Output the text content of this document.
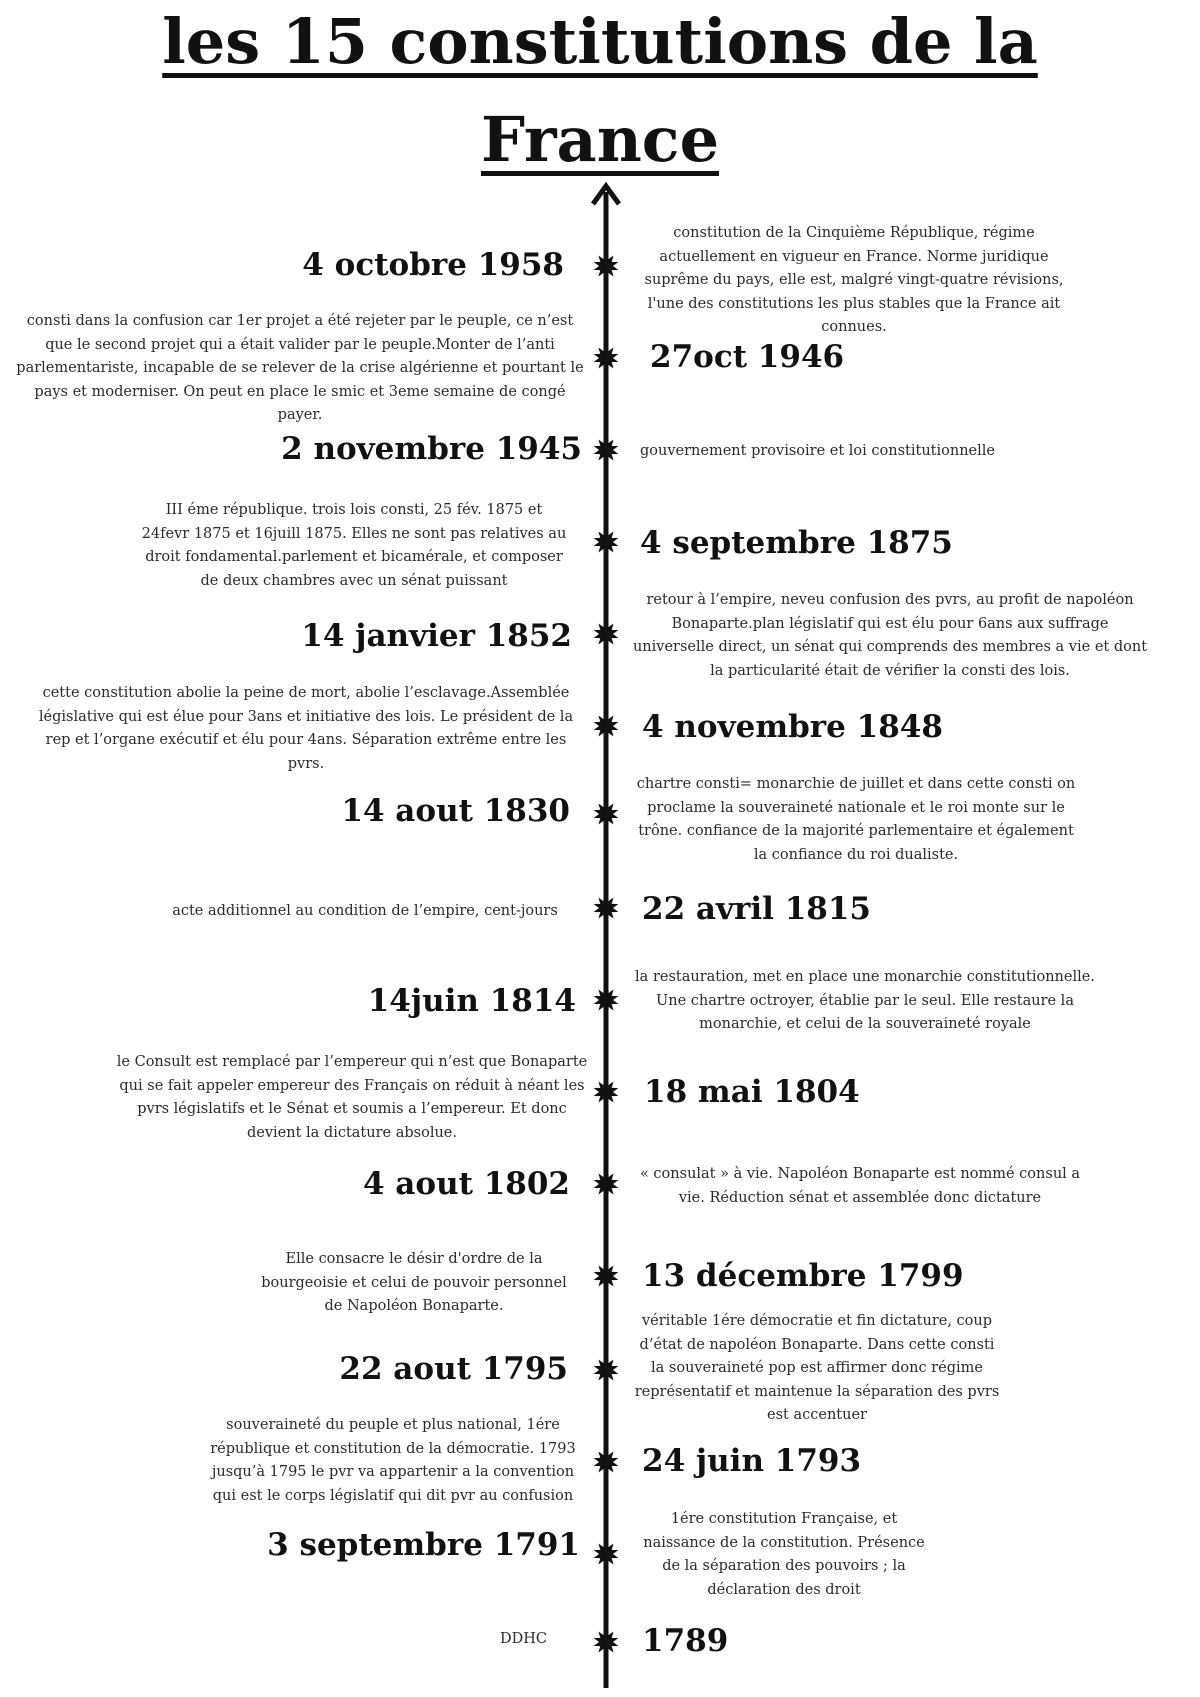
les 15 constitutions de la
France
4 octobre 1958
constitution de la Cinquième République, régime actuellement en vigueur en France. Norme juridique suprême du pays, elle est, malgré vingt-quatre révisions, l'une des constitutions les plus stables que la France ait connues.
27oct 1946
consti dans la confusion car 1er projet a été rejeter par le peuple, ce n’est que le second projet qui a était valider par le peuple.Monter de l’anti parlementariste, incapable de se relever de la crise algérienne et pourtant le pays et moderniser. On peut en place le smic et 3eme semaine de congé payer.
2 novembre 1945	gouvernement provisoire et loi constitutionnelle
4 septembre 1875
III éme république. trois lois consti, 25 fév. 1875 et 24fevr 1875 et 16juill 1875. Elles ne sont pas relatives au droit fondamental.parlement et bicamérale, et composer de deux chambres avec un sénat puissant
14 janvier 1852
retour à l’empire, neveu confusion des pvrs, au profit de napoléon Bonaparte.plan législatif qui est élu pour 6ans aux suffrage universelle direct, un sénat qui comprends des membres a vie et dont la particularité était de vérifier la consti des lois.
4 novembre 1848
cette constitution abolie la peine de mort, abolie l’esclavage.Assemblée législative qui est élue pour 3ans et initiative des lois. Le président de la rep et l’organe exécutif et élu pour 4ans. Séparation extrême entre les pvrs.
14 aout 1830
chartre consti= monarchie de juillet et dans cette consti on proclame la souveraineté nationale et le roi monte sur le trône. confiance de la majorité parlementaire et également la confiance du roi dualiste.
22 avril 1815
acte additionnel au condition de l’empire, cent-jours
14juin 1814
la restauration, met en place une monarchie constitutionnelle. Une chartre octroyer, établie par le seul. Elle restaure la monarchie, et celui de la souveraineté royale
18 mai 1804
le Consult est remplacé par l’empereur qui n’est que Bonaparte qui se fait appeler empereur des Français on réduit à néant les pvrs législatifs et le Sénat et soumis a l’empereur. Et donc devient la dictature absolue.
4 aout 1802	« consulat » à vie. Napoléon Bonaparte est nommé consul a vie. Réduction sénat et assemblée donc dictature
13 décembre 1799
Elle consacre le désir d'ordre de la bourgeoisie et celui de pouvoir personnel de Napoléon Bonaparte.
22 aout 1795
véritable 1ére démocratie et fin dictature, coup d’état de napoléon Bonaparte. Dans cette consti la souveraineté pop est affirmer donc régime représentatif et maintenue la séparation des pvrs est accentuer
24 juin 1793
souveraineté du peuple et plus national, 1ére république et constitution de la démocratie. 1793 jusqu’à 1795 le pvr va appartenir a la convention qui est le corps législatif qui dit pvr au confusion
3 septembre 1791
1ére constitution Française, et naissance de la constitution. Présence de la séparation des pouvoirs ; la déclaration des droit
1789
DDHC
